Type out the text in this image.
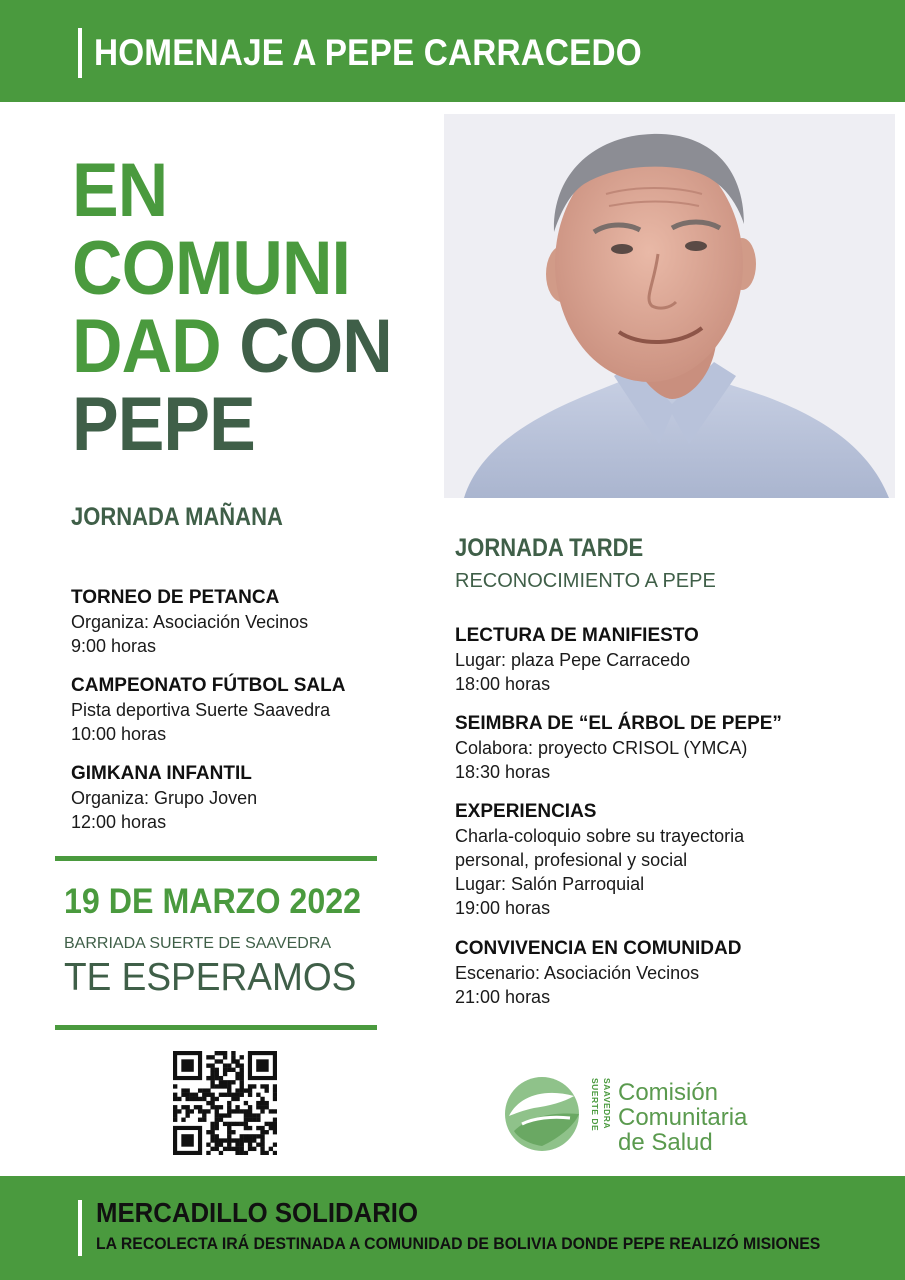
HOMENAJE A PEPE CARRACEDO
EN
COMUNI
DAD CON
PEPE
JORNADA MAÑANA
TORNEO DE PETANCA
Organiza: Asociación Vecinos
9:00 horas
CAMPEONATO FÚTBOL SALA
Pista deportiva Suerte Saavedra
10:00 horas
GIMKANA INFANTIL
Organiza: Grupo Joven
12:00 horas
19 DE MARZO 2022
BARRIADA SUERTE DE SAAVEDRA
TE ESPERAMOS
JORNADA TARDE
RECONOCIMIENTO A PEPE
LECTURA DE MANIFIESTO
Lugar: plaza Pepe Carracedo
18:00 horas
SEIMBRA DE “EL ÁRBOL DE PEPE”
Colabora: proyecto CRISOL (YMCA)
18:30 horas
EXPERIENCIAS
Charla-coloquio sobre su trayectoria
personal, profesional y social
Lugar: Salón Parroquial
19:00 horas
CONVIVENCIA EN COMUNIDAD
Escenario: Asociación Vecinos
21:00 horas
SUERTE DE SAAVEDRA Comisión
Comunitaria
de Salud
MERCADILLO SOLIDARIO
LA RECOLECTA IRÁ DESTINADA A COMUNIDAD DE BOLIVIA DONDE PEPE REALIZÓ MISIONES
